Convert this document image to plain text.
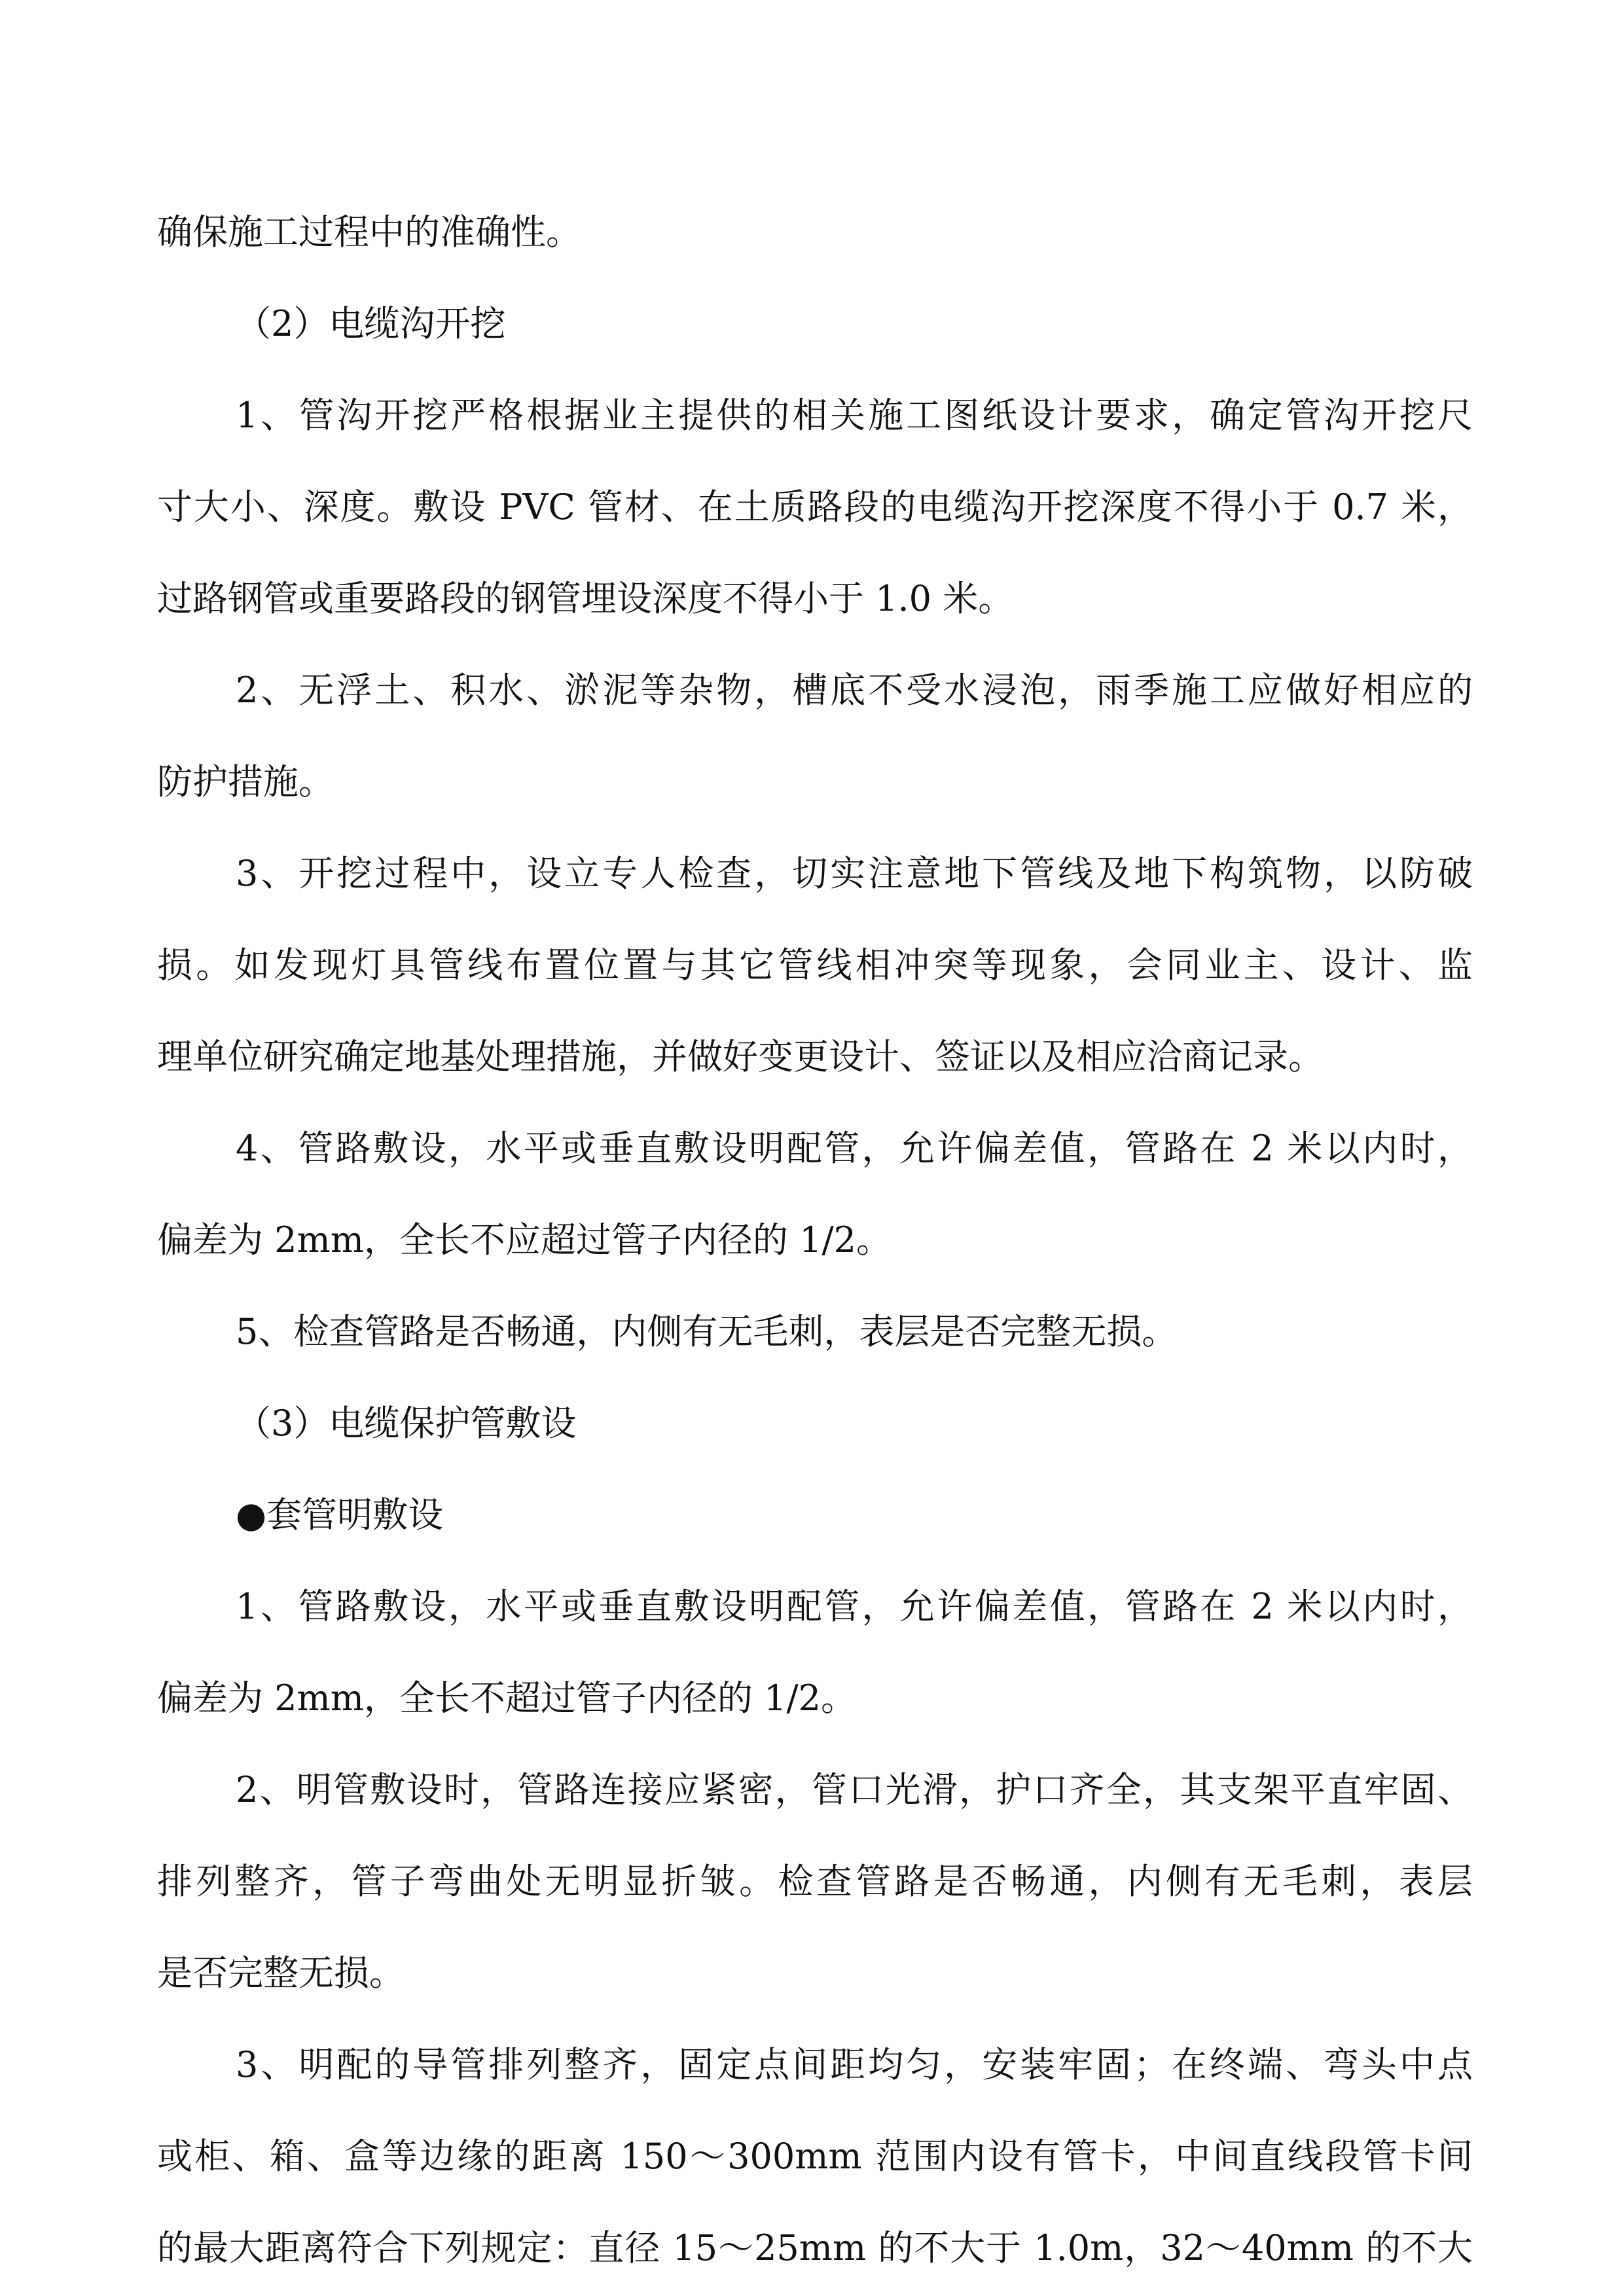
确保施工过程中的准确性。
（2）电缆沟开挖
1、管沟开挖严格根据业主提供的相关施工图纸设计要求，确定管沟开挖尺
寸大小、深度。敷设 PVC 管材、在土质路段的电缆沟开挖深度不得小于 0.7 米，
过路钢管或重要路段的钢管埋设深度不得小于 1.0 米。
2、无浮土、积水、淤泥等杂物，槽底不受水浸泡，雨季施工应做好相应的
防护措施。
3、开挖过程中，设立专人检查，切实注意地下管线及地下构筑物，以防破
损。如发现灯具管线布置位置与其它管线相冲突等现象，会同业主、设计、监
理单位研究确定地基处理措施，并做好变更设计、签证以及相应洽商记录。
4、管路敷设，水平或垂直敷设明配管，允许偏差值，管路在 2 米以内时，
偏差为 2mm，全长不应超过管子内径的 1/2。
5、检查管路是否畅通，内侧有无毛刺，表层是否完整无损。
（3）电缆保护管敷设
●套管明敷设
1、管路敷设，水平或垂直敷设明配管，允许偏差值，管路在 2 米以内时，
偏差为 2mm，全长不超过管子内径的 1/2。
2、明管敷设时，管路连接应紧密，管口光滑，护口齐全，其支架平直牢固、
排列整齐，管子弯曲处无明显折皱。检查管路是否畅通，内侧有无毛刺，表层
是否完整无损。
3、明配的导管排列整齐，固定点间距均匀，安装牢固；在终端、弯头中点
或柜、箱、盒等边缘的距离 150～300mm 范围内设有管卡，中间直线段管卡间
的最大距离符合下列规定：直径 15～25mm 的不大于 1.0m，32～40mm 的不大
